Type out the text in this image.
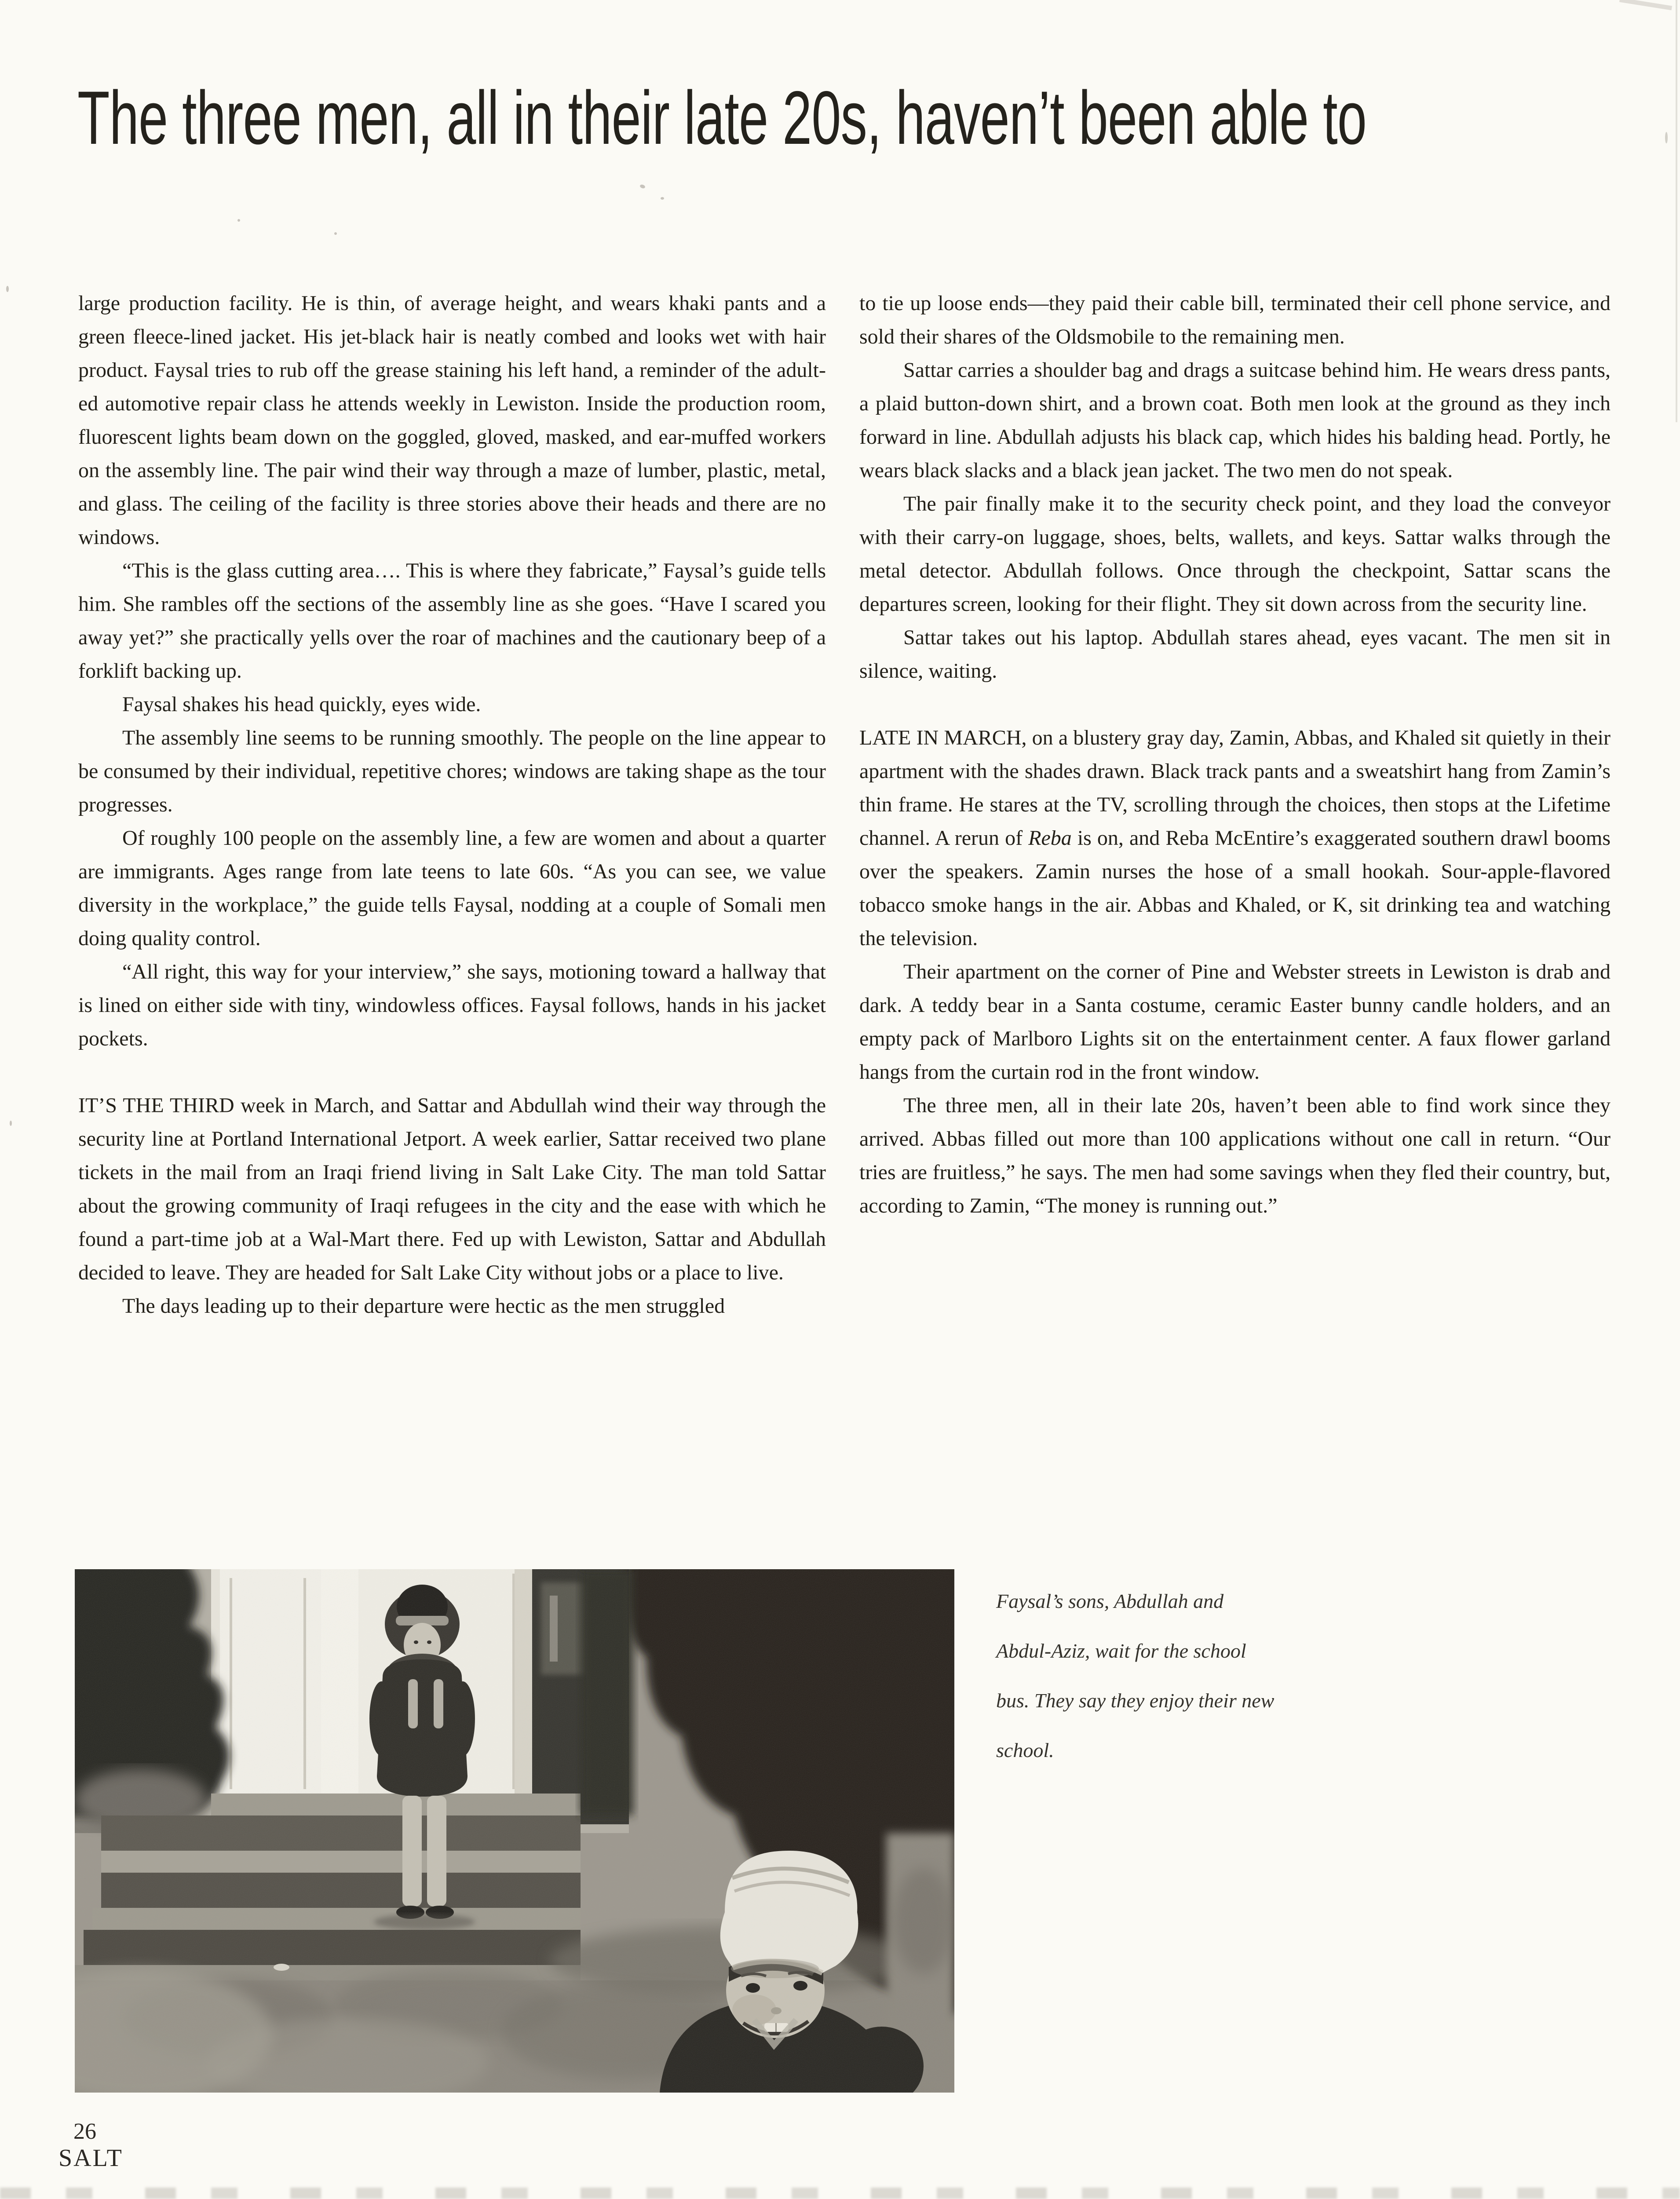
The three men, all in their late 20s, haven’t been able to

large production facility. He is thin, of average height, and wears khaki pants and a green fleece-lined jacket. His jet-black hair is neatly combed and looks wet with hair product. Faysal tries to rub off the grease staining his left hand, a reminder of the adult-ed automotive repair class he attends weekly in Lewiston. Inside the production room, fluorescent lights beam down on the goggled, gloved, masked, and ear-muffed workers on the assembly line. The pair wind their way through a maze of lumber, plastic, metal, and glass. The ceiling of the facility is three stories above their heads and there are no windows.

“This is the glass cutting area…. This is where they fabricate,” Faysal’s guide tells him. She rambles off the sections of the assembly line as she goes. “Have I scared you away yet?” she practically yells over the roar of machines and the cautionary beep of a forklift backing up.

Faysal shakes his head quickly, eyes wide.

The assembly line seems to be running smoothly. The people on the line appear to be consumed by their individual, repetitive chores; windows are taking shape as the tour progresses.

Of roughly 100 people on the assembly line, a few are women and about a quarter are immigrants. Ages range from late teens to late 60s. “As you can see, we value diversity in the workplace,” the guide tells Faysal, nodding at a couple of Somali men doing quality control.

“All right, this way for your interview,” she says, motioning toward a hallway that is lined on either side with tiny, windowless offices. Faysal follows, hands in his jacket pockets.

IT’S THE THIRD week in March, and Sattar and Abdullah wind their way through the security line at Portland International Jetport. A week earlier, Sattar received two plane tickets in the mail from an Iraqi friend living in Salt Lake City. The man told Sattar about the growing community of Iraqi refugees in the city and the ease with which he found a part-time job at a Wal-Mart there. Fed up with Lewiston, Sattar and Abdullah decided to leave. They are headed for Salt Lake City without jobs or a place to live.

The days leading up to their departure were hectic as the men struggled

to tie up loose ends—they paid their cable bill, terminated their cell phone service, and sold their shares of the Oldsmobile to the remaining men.

Sattar carries a shoulder bag and drags a suitcase behind him. He wears dress pants, a plaid button-down shirt, and a brown coat. Both men look at the ground as they inch forward in line. Abdullah adjusts his black cap, which hides his balding head. Portly, he wears black slacks and a black jean jacket. The two men do not speak.

The pair finally make it to the security check point, and they load the conveyor with their carry-on luggage, shoes, belts, wallets, and keys. Sattar walks through the metal detector. Abdullah follows. Once through the checkpoint, Sattar scans the departures screen, looking for their flight. They sit down across from the security line.

Sattar takes out his laptop. Abdullah stares ahead, eyes vacant. The men sit in silence, waiting.

LATE IN MARCH, on a blustery gray day, Zamin, Abbas, and Khaled sit quietly in their apartment with the shades drawn. Black track pants and a sweatshirt hang from Zamin’s thin frame. He stares at the TV, scrolling through the choices, then stops at the Lifetime channel. A rerun of Reba is on, and Reba McEntire’s exaggerated southern drawl booms over the speakers. Zamin nurses the hose of a small hookah. Sour-apple-flavored tobacco smoke hangs in the air. Abbas and Khaled, or K, sit drinking tea and watching the television.

Their apartment on the corner of Pine and Webster streets in Lewiston is drab and dark. A teddy bear in a Santa costume, ceramic Easter bunny candle holders, and an empty pack of Marlboro Lights sit on the entertainment center. A faux flower garland hangs from the curtain rod in the front window.

The three men, all in their late 20s, haven’t been able to find work since they arrived. Abbas filled out more than 100 applications without one call in return. “Our tries are fruitless,” he says. The men had some savings when they fled their country, but, according to Zamin, “The money is running out.”

Faysal’s sons, Abdullah and Abdul-Aziz, wait for the school bus. They say they enjoy their new school.

26
SALT
